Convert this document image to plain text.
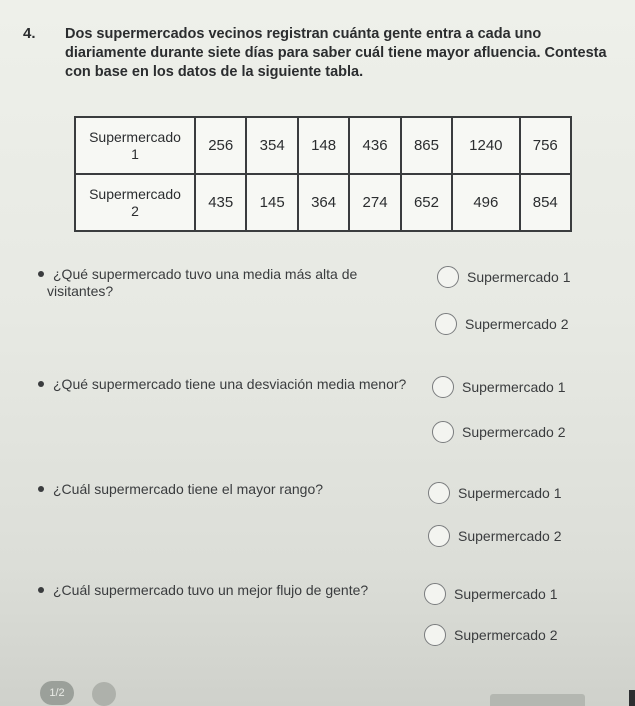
4. Dos supermercados vecinos registran cuánta gente entra a cada uno diariamente durante siete días para saber cuál tiene mayor afluencia. Contesta con base en los datos de la siguiente tabla.
Supermercado
1	256	354	148	436	865	1240	756
Supermercado
2	435	145	364	274	652	496	854
¿Qué supermercado tuvo una media más alta de
visitantes?
Supermercado 1
Supermercado 2
¿Qué supermercado tiene una desviación media menor?	Supermercado 1
Supermercado 2
¿Cuál supermercado tiene el mayor rango?	Supermercado 1
Supermercado 2
¿Cuál supermercado tuvo un mejor flujo de gente?	Supermercado 1
Supermercado 2
1/2
